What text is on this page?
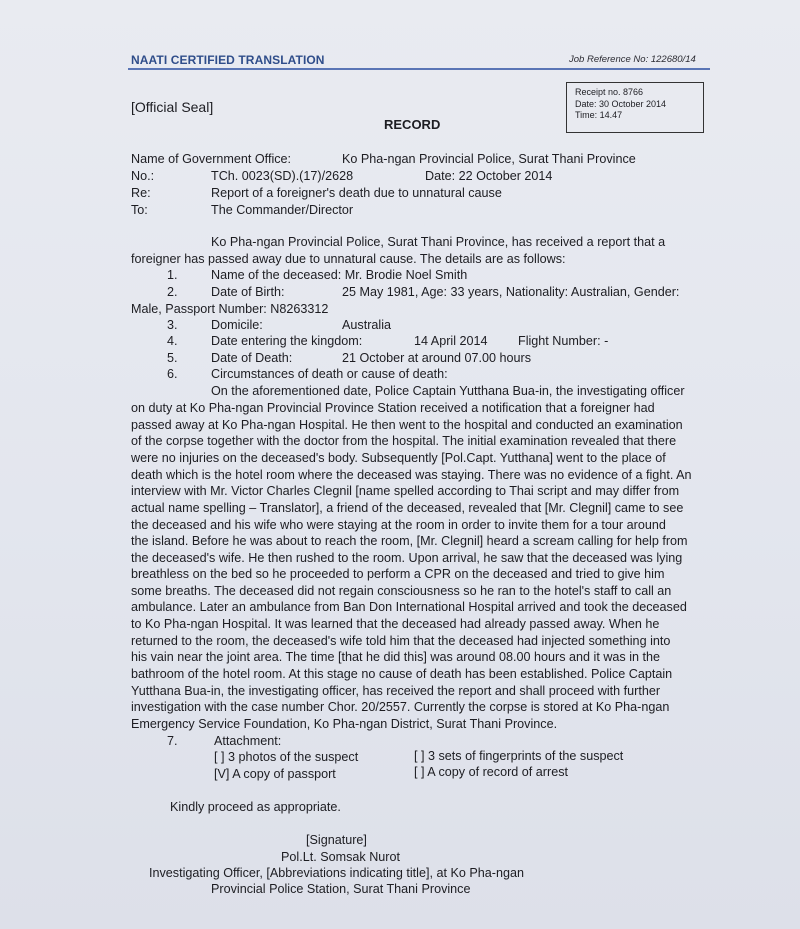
NAATI CERTIFIED TRANSLATION	Job Reference No: 122680/14
Receipt no. 8766
Date: 30 October 2014
Time: 14.47
[Official Seal]
RECORD
Name of Government Office:	Ko Pha-ngan Provincial Police, Surat Thani Province
No.:	TCh. 0023(SD).(17)/2628	Date: 22 October 2014
Re:	Report of a foreigner's death due to unnatural cause
To:	The Commander/Director
Ko Pha-ngan Provincial Police, Surat Thani Province, has received a report that a
foreigner has passed away due to unnatural cause. The details are as follows:
1.	Name of the deceased: Mr. Brodie Noel Smith
2.	Date of Birth:	25 May 1981, Age: 33 years, Nationality: Australian, Gender:
Male, Passport Number: N8263312
3.	Domicile:	Australia
4.	Date entering the kingdom:	14 April 2014 Flight Number: -
5.	Date of Death:	21 October at around 07.00 hours
6.	Circumstances of death or cause of death:
On the aforementioned date, Police Captain Yutthana Bua-in, the investigating officer
on duty at Ko Pha-ngan Provincial Province Station received a notification that a foreigner had
passed away at Ko Pha-ngan Hospital. He then went to the hospital and conducted an examination
of the corpse together with the doctor from the hospital. The initial examination revealed that there
were no injuries on the deceased's body. Subsequently [Pol.Capt. Yutthana] went to the place of
death which is the hotel room where the deceased was staying. There was no evidence of a fight. An
interview with Mr. Victor Charles Clegnil [name spelled according to Thai script and may differ from
actual name spelling – Translator], a friend of the deceased, revealed that [Mr. Clegnil] came to see
the deceased and his wife who were staying at the room in order to invite them for a tour around
the island. Before he was about to reach the room, [Mr. Clegnil] heard a scream calling for help from
the deceased's wife. He then rushed to the room. Upon arrival, he saw that the deceased was lying
breathless on the bed so he proceeded to perform a CPR on the deceased and tried to give him
some breaths. The deceased did not regain consciousness so he ran to the hotel's staff to call an
ambulance. Later an ambulance from Ban Don International Hospital arrived and took the deceased
to Ko Pha-ngan Hospital. It was learned that the deceased had already passed away. When he
returned to the room, the deceased's wife told him that the deceased had injected something into
his vain near the joint area. The time [that he did this] was around 08.00 hours and it was in the
bathroom of the hotel room. At this stage no cause of death has been established. Police Captain
Yutthana Bua-in, the investigating officer, has received the report and shall proceed with further
investigation with the case number Chor. 20/2557. Currently the corpse is stored at Ko Pha-ngan
Emergency Service Foundation, Ko Pha-ngan District, Surat Thani Province.
7.	Attachment:
[ ] 3 photos of the suspect	[ ] 3 sets of fingerprints of the suspect
[V] A copy of passport	[ ] A copy of record of arrest
Kindly proceed as appropriate.
[Signature]
Pol.Lt. Somsak Nurot
Investigating Officer, [Abbreviations indicating title], at Ko Pha-ngan
Provincial Police Station, Surat Thani Province
